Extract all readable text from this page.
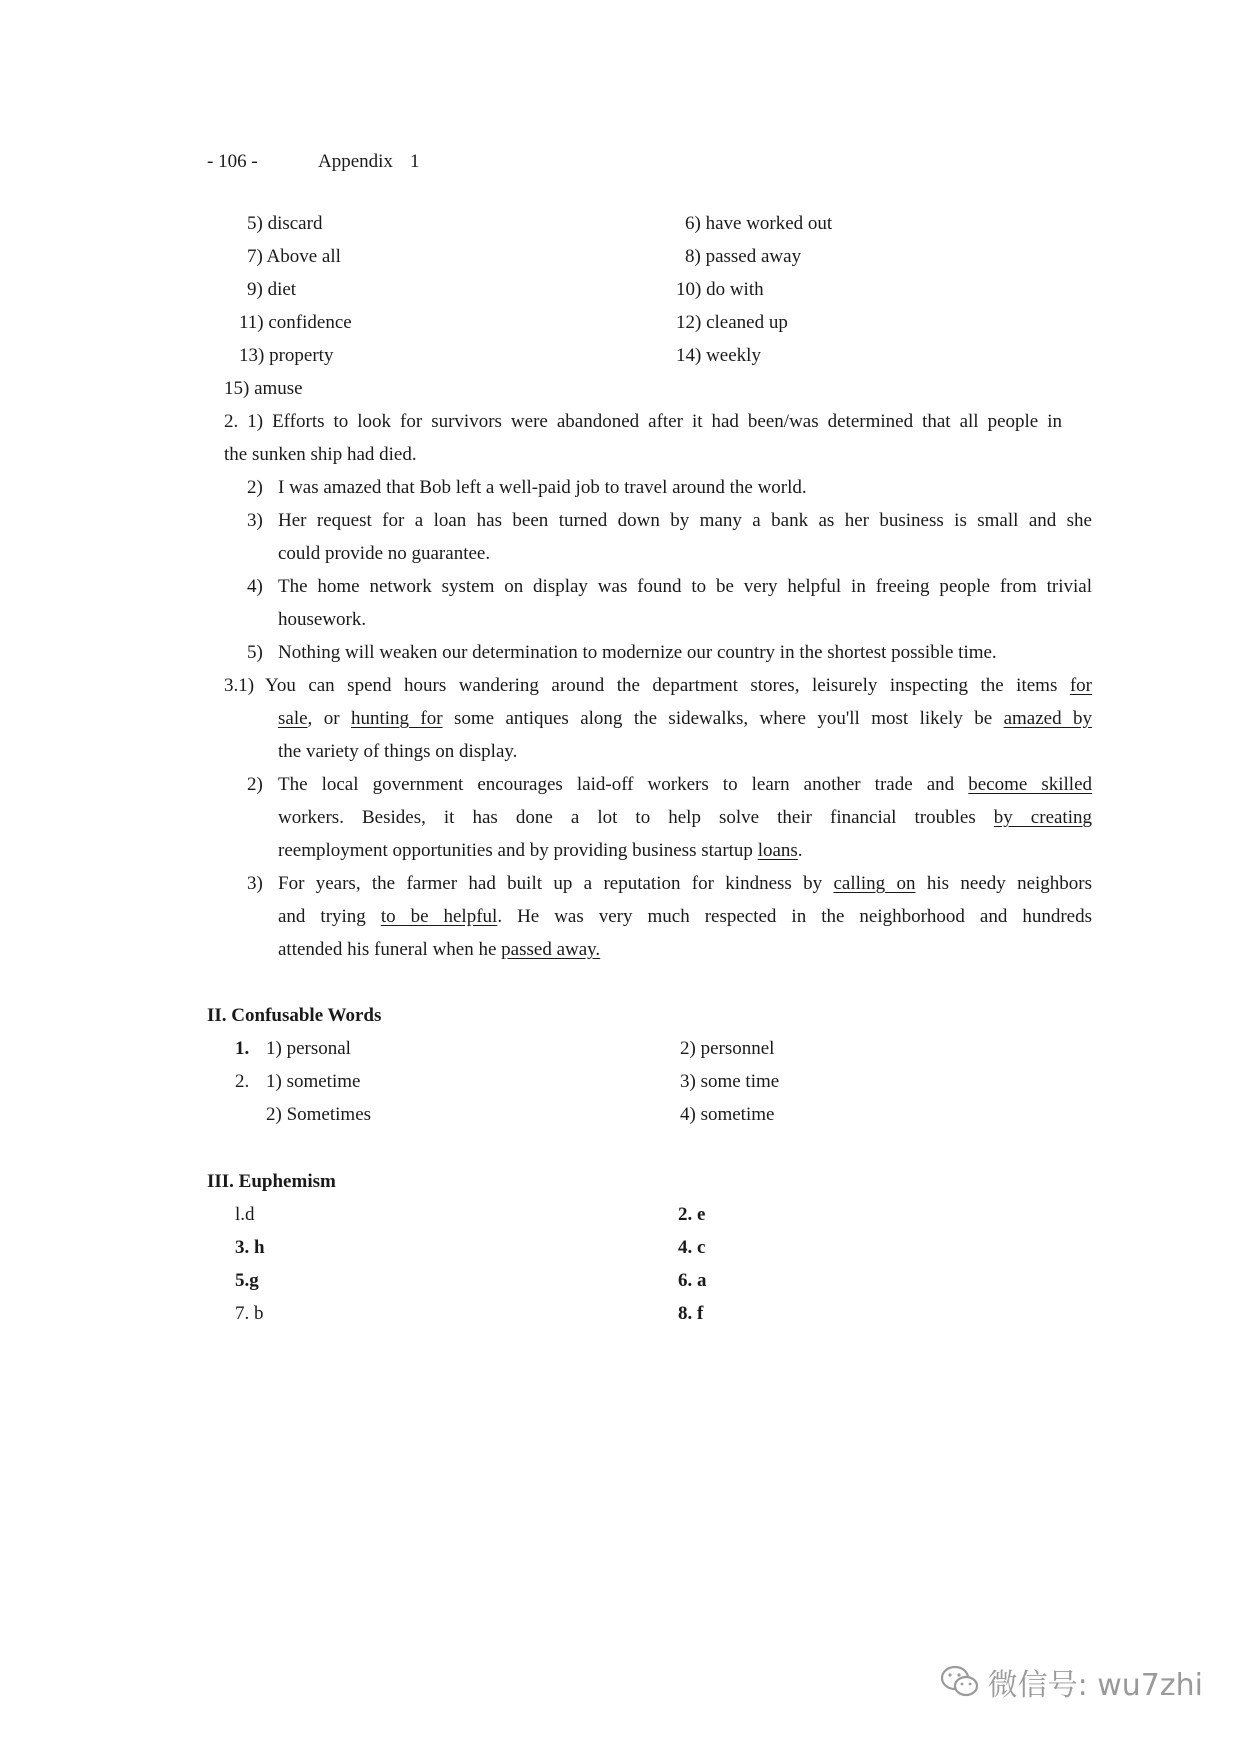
- 106 -	Appendix 1
5) discard	6) have worked out
7) Above all	8) passed away
9) diet	10) do with
11) confidence	12) cleaned up
13) property	14) weekly
15) amuse
2. 1) Efforts to look for survivors were abandoned after it had been/was determined that all people in
the sunken ship had died.
2) I was amazed that Bob left a well-paid job to travel around the world.
3) Her request for a loan has been turned down by many a bank as her business is small and she
could provide no guarantee.
4) The home network system on display was found to be very helpful in freeing people from trivial
housework.
5) Nothing will weaken our determination to modernize our country in the shortest possible time.
3.1) You can spend hours wandering around the department stores, leisurely inspecting the items for
sale, or hunting for some antiques along the sidewalks, where you'll most likely be amazed by
the variety of things on display.
2) The local government encourages laid-off workers to learn another trade and become skilled
workers. Besides, it has done a lot to help solve their financial troubles by creating
reemployment opportunities and by providing business startup loans.
3) For years, the farmer had built up a reputation for kindness by calling on his needy neighbors
and trying to be helpful. He was very much respected in the neighborhood and hundreds
attended his funeral when he passed away.
II. Confusable Words
1. 1) personal	2) personnel
2. 1) sometime	3) some time
2) Sometimes	4) sometime
III. Euphemism
l.d	2. e
3. h	4. c
5.g	6. a
7. b	8. f
微信号: wu7zhi
